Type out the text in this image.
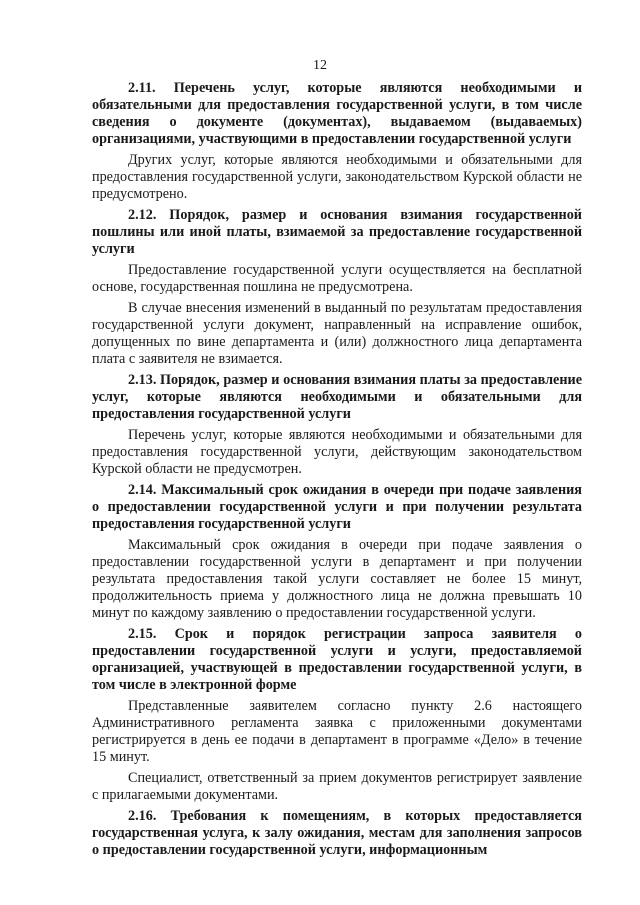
12

2.11. Перечень услуг, которые являются необходимыми и обязательными для предоставления государственной услуги, в том числе сведения о документе (документах), выдаваемом (выдаваемых) организациями, участвующими в предоставлении государственной услуги

Других услуг, которые являются необходимыми и обязательными для предоставления государственной услуги, законодательством Курской области не предусмотрено.

2.12. Порядок, размер и основания взимания государственной пошлины или иной платы, взимаемой за предоставление государственной услуги

Предоставление государственной услуги осуществляется на бесплатной основе, государственная пошлина не предусмотрена.

В случае внесения изменений в выданный по результатам предоставления государственной услуги документ, направленный на исправление ошибок, допущенных по вине департамента и (или) должностного лица департамента плата с заявителя не взимается.

2.13. Порядок, размер и основания взимания платы за предоставление услуг, которые являются необходимыми и обязательными для предоставления государственной услуги

Перечень услуг, которые являются необходимыми и обязательными для предоставления государственной услуги, действующим законодательством Курской области не предусмотрен.

2.14. Максимальный срок ожидания в очереди при подаче заявления о предоставлении государственной услуги и при получении результата предоставления государственной услуги

Максимальный срок ожидания в очереди при подаче заявления о предоставлении государственной услуги в департамент и при получении результата предоставления такой услуги составляет не более 15 минут, продолжительность приема у должностного лица не должна превышать 10 минут по каждому заявлению о предоставлении государственной услуги.

2.15. Срок и порядок регистрации запроса заявителя о предоставлении государственной услуги и услуги, предоставляемой организацией, участвующей в предоставлении государственной услуги, в том числе в электронной форме

Представленные заявителем согласно пункту 2.6 настоящего Административного регламента заявка с приложенными документами регистрируется в день ее подачи в департамент в программе «Дело» в течение 15 минут.

Специалист, ответственный за прием документов регистрирует заявление с прилагаемыми документами.

2.16. Требования к помещениям, в которых предоставляется государственная услуга, к залу ожидания, местам для заполнения запросов о предоставлении государственной услуги, информационным
